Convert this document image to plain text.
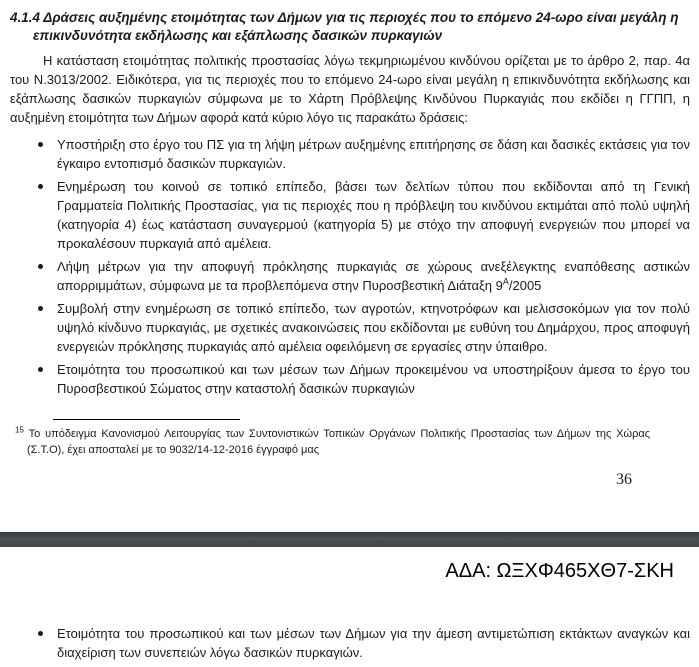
4.1.4 Δράσεις αυξημένης ετοιμότητας των Δήμων για τις περιοχές που το επόμενο 24-ωρο είναι μεγάλη η
επικινδυνότητα εκδήλωσης και εξάπλωσης δασικών πυρκαγιών

Η κατάσταση ετοιμότητας πολιτικής προστασίας λόγω τεκμηριωμένου κινδύνου ορίζεται με το άρθρο 2, παρ. 4α του Ν.3013/2002. Ειδικότερα, για τις περιοχές που το επόμενο 24-ωρο είναι μεγάλη η επικινδυνότητα εκδήλωσης και εξάπλωσης δασικών πυρκαγιών σύμφωνα με το Χάρτη Πρόβλεψης Κινδύνου Πυρκαγιάς που εκδίδει η ΓΓΠΠ, η αυξημένη ετοιμότητα των Δήμων αφορά κατά κύριο λόγο τις παρακάτω δράσεις:

Υποστήριξη στο έργο του ΠΣ για τη λήψη μέτρων αυξημένης επιτήρησης σε δάση και δασικές εκτάσεις για τον έγκαιρο εντοπισμό δασικών πυρκαγιών.
Ενημέρωση του κοινού σε τοπικό επίπεδο, βάσει των δελτίων τύπου που εκδίδονται από τη Γενική Γραμματεία Πολιτικής Προστασίας, για τις περιοχές που η πρόβλεψη του κινδύνου εκτιμάται από πολύ υψηλή (κατηγορία 4) έως κατάσταση συναγερμού (κατηγορία 5) με στόχο την αποφυγή ενεργειών που μπορεί να προκαλέσουν πυρκαγιά από αμέλεια.
Λήψη μέτρων για την αποφυγή πρόκλησης πυρκαγιάς σε χώρους ανεξέλεγκτης εναπόθεσης αστικών απορριμμάτων, σύμφωνα με τα προβλεπόμενα στην Πυροσβεστική Διάταξη 9$^A$/2005
Συμβολή στην ενημέρωση σε τοπικό επίπεδο, των αγροτών, κτηνοτρόφων και μελισσοκόμων για τον πολύ υψηλό κίνδυνο πυρκαγιάς, με σχετικές ανακοινώσεις που εκδίδονται με ευθύνη του Δημάρχου, προς αποφυγή ενεργειών πρόκλησης πυρκαγιάς από αμέλεια οφειλόμενη σε εργασίες στην ύπαιθρο.
Ετοιμότητα του προσωπικού και των μέσων των Δήμων προκειμένου να υποστηρίξουν άμεσα το έργο του Πυροσβεστικού Σώματος στην καταστολή δασικών πυρκαγιών

$^{15}$ Το υπόδειγμα Κανονισμού Λειτουργίας των Συντονιστικών Τοπικών Οργάνων Πολιτικής Προστασίας των Δήμων της Χώρας (Σ.Τ.Ο), έχει αποσταλεί με το 9032/14-12-2016 έγγραφό μας

36
ΑΔΑ: ΩΞΧΦ465ΧΘ7-ΣΚΗ
Ετοιμότητα του προσωπικού και των μέσων των Δήμων για την άμεση αντιμετώπιση εκτάκτων αναγκών και διαχείριση των συνεπειών λόγω δασικών πυρκαγιών.
